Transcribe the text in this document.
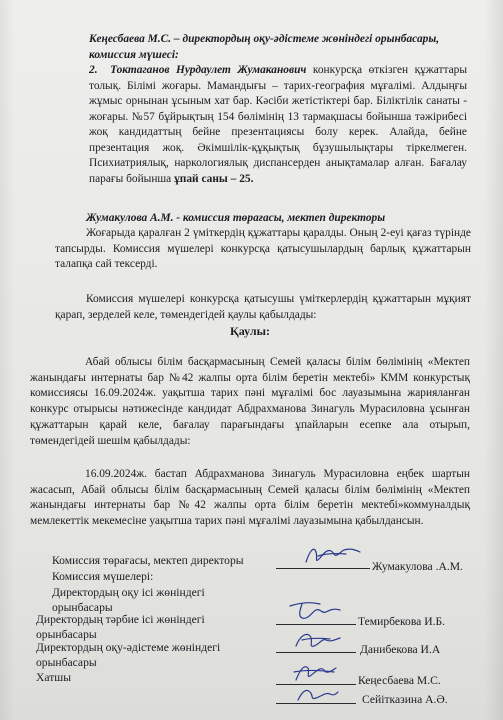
Кеңесбаева М.С. – директордың оқу-әдістеме жөніндегі орынбасары,
комиссия мүшесі:
2. Токтаганов Нурдаулет Жумаканович конкурсқа өткізген құжаттары толық. Білімі жоғары. Мамандығы – тарих-география мұғалімі. Алдыңғы жұмыс орнынан ұсыным хат бар. Кәсіби жетістіктері бар. Біліктілік санаты - жоғары. №57 бұйрықтың 154 бөлімінің 13 тармақшасы бойынша тәжірибесі жоқ кандидаттың бейне презентациясы болу керек. Алайда, бейне презентация жоқ. Әкімшілік-құқықтық бұзушылықтары тіркелмеген. Психиатриялық, наркологиялық диспансерден анықтамалар алған. Бағалау парағы бойынша ұпай саны – 25.
Жумакулова А.М. - комиссия төрағасы, мектеп директоры
Жоғарыда қаралған 2 үміткердің құжаттары қаралды. Оның 2-еуі қағаз түрінде тапсырды. Комиссия мүшелері конкурсқа қатысушылардың барлық құжаттарын талапқа сай тексерді.
Комиссия мүшелері конкурсқа қатысушы үміткерлердің құжаттарын мұқият қарап, зерделей келе, төмендегідей қаулы қабылдады:
Қаулы:
Абай облысы білім басқармасының Семей қаласы білім бөлімінің «Мектеп жанындағы интернаты бар №42 жалпы орта білім беретін мектебі» КММ конкурстық комиссиясы 16.09.2024ж. уақытша тарих пәні мұғалімі бос лауазымына жарияланған конкурс отырысы нәтижесінде кандидат Абдрахманова Зинагуль Мурасиловна ұсынған құжаттарын қарай келе, бағалау парағындағы ұпайларын есепке ала отырып, төмендегідей шешім қабылдады:
16.09.2024ж. бастап Абдрахманова Зинагуль Мурасиловна еңбек шартын жасасып, Абай облысы білім басқармасының Семей қаласы білім бөлімінің «Мектеп жанындағы интернаты бар №42 жалпы орта білім беретін мектебі»коммуналдық мемлекеттік мекемесіне уақытша тарих пәні мұғалімі лауазымына қабылдансын.
Комиссия төрағасы, мектеп директоры	Жумакулова .А.М.
Комиссия мүшелері:
Директордың оқу ісі жөніндегі орынбасары
Директордың тәрбие ісі жөніндегі орынбасары
Темирбекова И.Б.
Директордың оқу-әдістеме жөніндегі орынбасары
Данибекова И.А
Хатшы	Кеңесбаева М.С.
Сейітказина А.Ә.
